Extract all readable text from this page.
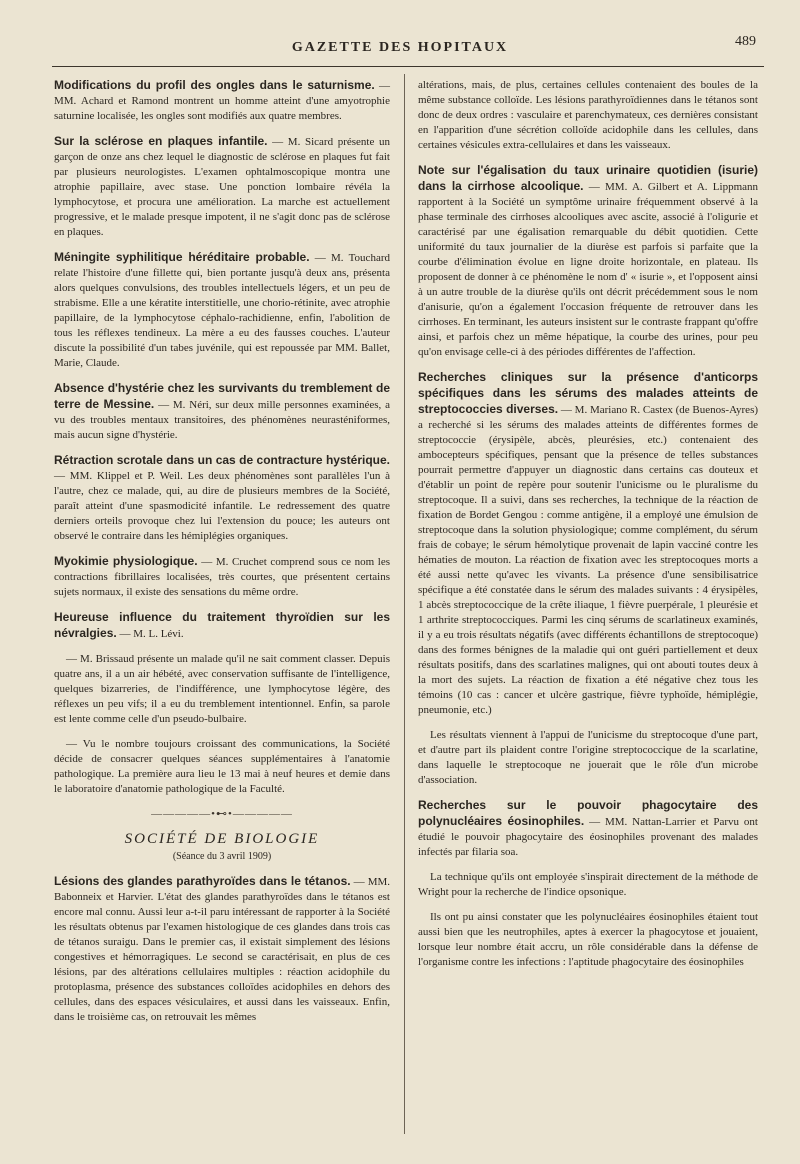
GAZETTE DES HOPITAUX	489
Modifications du profil des ongles dans le saturnisme. — MM. Achard et Ramond montrent un homme atteint d'une amyotrophie saturnine localisée, les ongles sont modifiés aux quatre membres.
Sur la sclérose en plaques infantile. — M. Sicard présente un garçon de onze ans chez lequel le diagnostic de sclérose en plaques fut fait par plusieurs neurologistes. L'examen ophtalmoscopique montra une atrophie papillaire, avec stase. Une ponction lombaire révéla la lymphocytose, et procura une amélioration. La marche est actuellement progressive, et le malade presque impotent, il ne s'agit donc pas de sclérose en plaques.
Méningite syphilitique héréditaire probable. — M. Touchard relate l'histoire d'une fillette qui, bien portante jusqu'à deux ans, présenta alors quelques convulsions, des troubles intellectuels légers, et un peu de strabisme. Elle a une kératite interstitielle, une chorio-rétinite, avec atrophie papillaire, de la lymphocytose céphalo-rachidienne, enfin, l'abolition de tous les réflexes tendineux. La mère a eu des fausses couches. L'auteur discute la possibilité d'un tabes juvénile, qui est repoussée par MM. Ballet, Marie, Claude.
Absence d'hystérie chez les survivants du tremblement de terre de Messine. — M. Néri, sur deux mille personnes examinées, a vu des troubles mentaux transitoires, des phénomènes neurasténiformes, mais aucun signe d'hystérie.
Rétraction scrotale dans un cas de contracture hystérique. — MM. Klippel et P. Weil. Les deux phénomènes sont parallèles l'un à l'autre, chez ce malade, qui, au dire de plusieurs membres de la Société, paraît atteint d'une spasmodicité infantile. Le redressement des quatre derniers orteils provoque chez lui l'extension du pouce; les auteurs ont observé le contraire dans les hémiplégies organiques.
Myokimie physiologique. — M. Cruchet comprend sous ce nom les contractions fibrillaires localisées, très courtes, que présentent certains sujets normaux, il existe des sensations du même ordre.
Heureuse influence du traitement thyroïdien sur les névralgies. — M. L. Lévi.

— M. Brissaud présente un malade qu'il ne sait comment classer. Depuis quatre ans, il a un air hébété, avec conservation suffisante de l'intelligence, quelques bizarreries, de l'indifférence, une lymphocytose légère, des réflexes un peu vifs; il a eu du tremblement intentionnel. Enfin, sa parole est lente comme celle d'un pseudo-bulbaire.

— Vu le nombre toujours croissant des communications, la Société décide de consacrer quelques séances supplémentaires à l'anatomie pathologique. La première aura lieu le 13 mai à neuf heures et demie dans le laboratoire d'anatomie pathologique de la Faculté.

—————•⊷•—————
SOCIÉTÉ DE BIOLOGIE
(Séance du 3 avril 1909)
Lésions des glandes parathyroïdes dans le tétanos. — MM. Babonneix et Harvier. L'état des glandes parathyroïdes dans le tétanos est encore mal connu. Aussi leur a-t-il paru intéressant de rapporter à la Société les résultats obtenus par l'examen histologique de ces glandes dans trois cas de tétanos suraigu. Dans le premier cas, il existait simplement des lésions congestives et hémorragiques. Le second se caractérisait, en plus de ces lésions, par des altérations cellulaires multiples : réaction acidophile du protoplasma, présence des substances colloïdes acidophiles en dehors des cellules, dans des espaces vésiculaires, et aussi dans les vaisseaux. Enfin, dans le troisième cas, on retrouvait les mêmes

altérations, mais, de plus, certaines cellules contenaient des boules de la même substance colloïde. Les lésions parathyroïdiennes dans le tétanos sont donc de deux ordres : vasculaire et parenchymateux, ces dernières consistant en l'apparition d'une sécrétion colloïde acidophile dans les cellules, dans certaines vésicules extra-cellulaires et dans les vaisseaux.

Note sur l'égalisation du taux urinaire quotidien (isurie) dans la cirrhose alcoolique. — MM. A. Gilbert et A. Lippmann rapportent à la Société un symptôme urinaire fréquemment observé à la phase terminale des cirrhoses alcooliques avec ascite, associé à l'oligurie et caractérisé par une égalisation remarquable du débit quotidien. Cette uniformité du taux journalier de la diurèse est parfois si parfaite que la courbe d'élimination évolue en ligne droite horizontale, en plateau. Ils proposent de donner à ce phénomène le nom d' « isurie », et l'opposent ainsi à un autre trouble de la diurèse qu'ils ont décrit précédemment sous le nom d'anisurie, qu'on a également l'occasion fréquente de retrouver dans les cirrhoses. En terminant, les auteurs insistent sur le contraste frappant qu'offre ainsi, et parfois chez un même hépatique, la courbe des urines, pour peu qu'on envisage celle-ci à des périodes différentes de l'affection.
Recherches cliniques sur la présence d'anticorps spécifiques dans les sérums des malades atteints de streptococcies diverses. — M. Mariano R. Castex (de Buenos-Ayres) a recherché si les sérums des malades atteints de différentes formes de streptococcie (érysipèle, abcès, pleurésies, etc.) contenaient des ambocepteurs spécifiques, pensant que la présence de telles substances pourrait permettre d'appuyer un diagnostic dans certains cas douteux et d'établir un point de repère pour soutenir l'unicisme ou le pluralisme du streptocoque. Il a suivi, dans ses recherches, la technique de la réaction de fixation de Bordet Gengou : comme antigène, il a employé une émulsion de streptocoque dans la solution physiologique; comme complément, du sérum frais de cobaye; le sérum hémolytique provenait de lapin vacciné contre les hématies de mouton. La réaction de fixation avec les streptocoques morts a été aussi nette qu'avec les vivants. La présence d'une sensibilisatrice spécifique a été constatée dans le sérum des malades suivants : 4 érysipèles, 1 abcès streptococcique de la crête iliaque, 1 fièvre puerpérale, 1 pleurésie et 1 arthrite streptococciques. Parmi les cinq sérums de scarlatineux examinés, il y a eu trois résultats négatifs (avec différents échantillons de streptocoque) dans des formes bénignes de la maladie qui ont guéri partiellement et deux résultats positifs, dans des scarlatines malignes, qui ont abouti toutes deux à la mort des sujets. La réaction de fixation a été négative chez tous les témoins (10 cas : cancer et ulcère gastrique, fièvre typhoïde, hémiplégie, pneumonie, etc.)

Les résultats viennent à l'appui de l'unicisme du streptocoque d'une part, et d'autre part ils plaident contre l'origine streptococcique de la scarlatine, dans laquelle le streptocoque ne jouerait que le rôle d'un microbe d'association.

Recherches sur le pouvoir phagocytaire des polynucléaires éosinophiles. — MM. Nattan-Larrier et Parvu ont étudié le pouvoir phagocytaire des éosinophiles provenant des malades infectés par filaria soa.

La technique qu'ils ont employée s'inspirait directement de la méthode de Wright pour la recherche de l'indice opsonique.

Ils ont pu ainsi constater que les polynucléaires éosinophiles étaient tout aussi bien que les neutrophiles, aptes à exercer la phagocytose et jouaient, lorsque leur nombre était accru, un rôle considérable dans la défense de l'organisme contre les infections : l'aptitude phagocytaire des éosinophiles
